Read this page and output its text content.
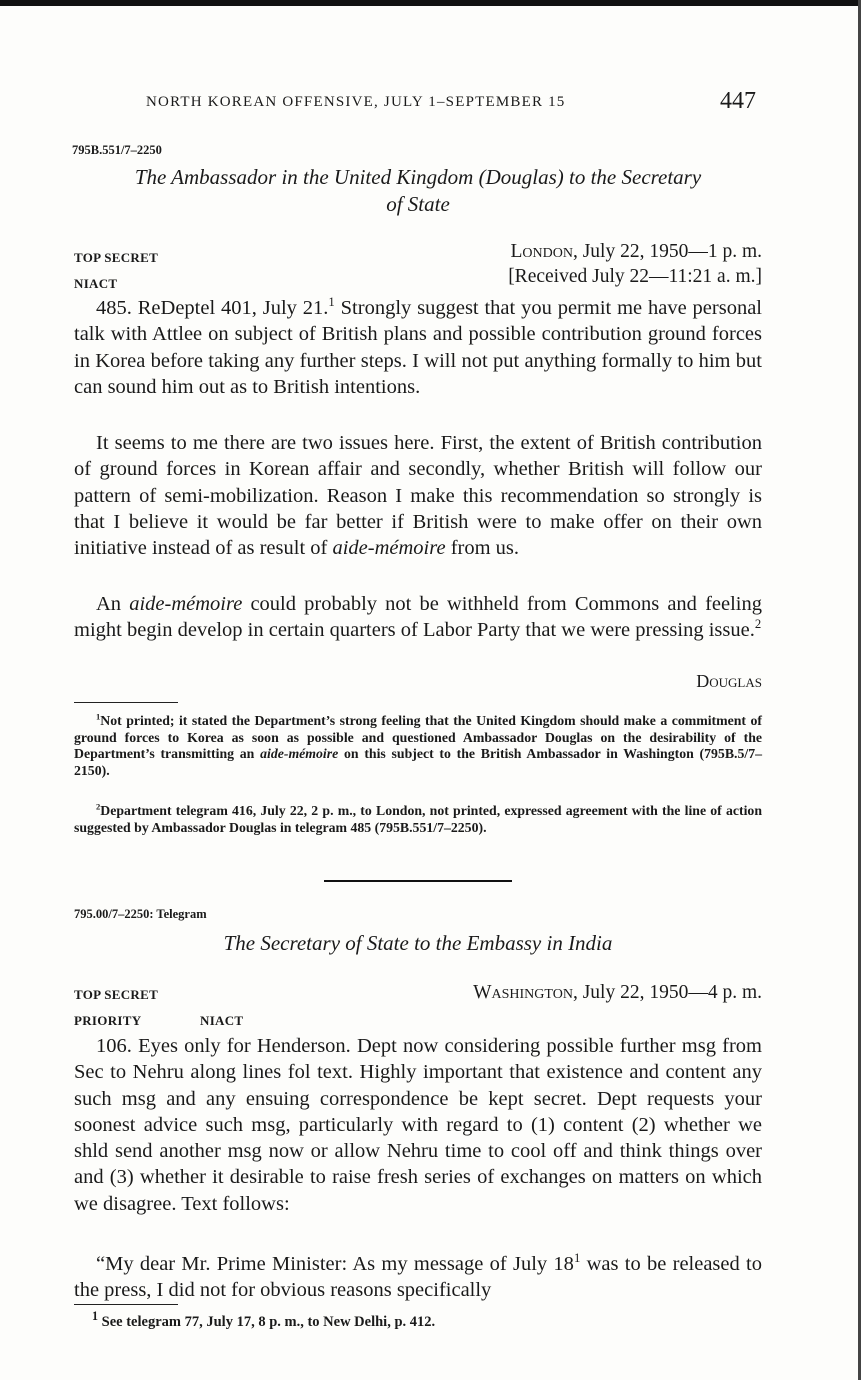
NORTH KOREAN OFFENSIVE, JULY 1–SEPTEMBER 15	447
795B.551/7–2250
The Ambassador in the United Kingdom (Douglas) to the Secretary
of State
TOP SECRET
NIACT
London, July 22, 1950—1 p. m.
[Received July 22—11:21 a. m.]

485. ReDeptel 401, July 21.$^1$ Strongly suggest that you permit me have personal talk with Attlee on subject of British plans and possible contribution ground forces in Korea before taking any further steps. I will not put anything formally to him but can sound him out as to British intentions.

It seems to me there are two issues here. First, the extent of British contribution of ground forces in Korean affair and secondly, whether British will follow our pattern of semi-mobilization. Reason I make this recommendation so strongly is that I believe it would be far better if British were to make offer on their own initiative instead of as result of aide-mémoire from us.

An aide-mémoire could probably not be withheld from Commons and feeling might begin develop in certain quarters of Labor Party that we were pressing issue.$^2$

Douglas

$^1$Not printed; it stated the Department’s strong feeling that the United Kingdom should make a commitment of ground forces to Korea as soon as possible and questioned Ambassador Douglas on the desirability of the Department’s transmitting an aide-mémoire on this subject to the British Ambassador in Washington (795B.5/7–2150).

$^2$Department telegram 416, July 22, 2 p. m., to London, not printed, expressed agreement with the line of action suggested by Ambassador Douglas in telegram 485 (795B.551/7–2250).

795.00/7–2250: Telegram
The Secretary of State to the Embassy in India
TOP SECRET
PRIORITY	NIACT
Washington, July 22, 1950—4 p. m.

106. Eyes only for Henderson. Dept now considering possible further msg from Sec to Nehru along lines fol text. Highly important that existence and content any such msg and any ensuing correspondence be kept secret. Dept requests your soonest advice such msg, particularly with regard to (1) content (2) whether we shld send another msg now or allow Nehru time to cool off and think things over and (3) whether it desirable to raise fresh series of exchanges on matters on which we disagree. Text follows:

“My dear Mr. Prime Minister: As my message of July $18^1$ was to be released to the press, I did not for obvious reasons specifically

$^1$ See telegram 77, July 17, 8 p. m., to New Delhi, p. 412.
